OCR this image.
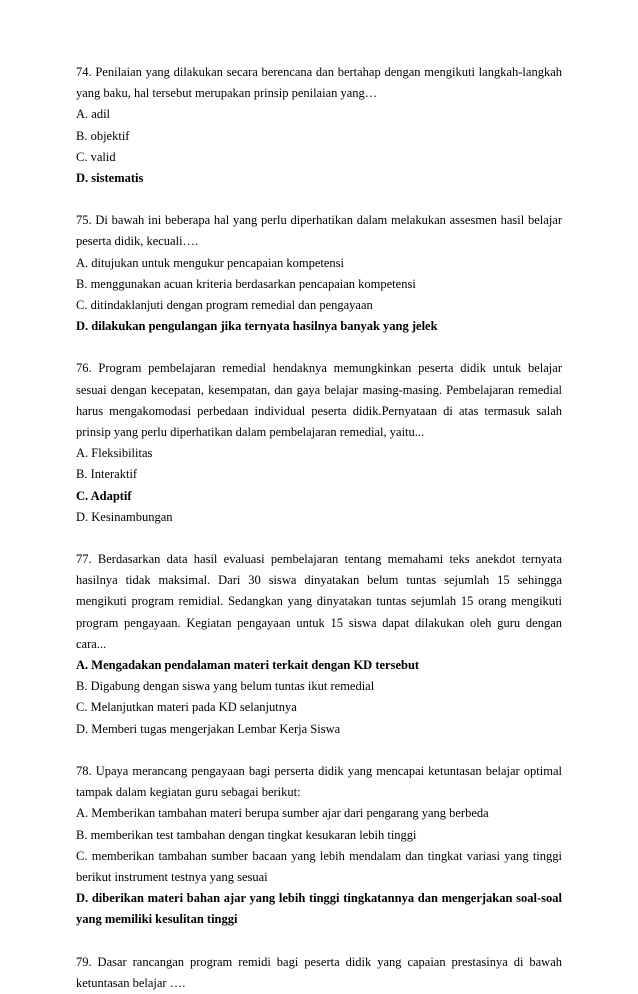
74. Penilaian yang dilakukan secara berencana dan bertahap dengan mengikuti langkah-langkah yang baku, hal tersebut merupakan prinsip penilaian yang…

A. adil

B. objektif

C. valid

D. sistematis

75. Di bawah ini beberapa hal yang perlu diperhatikan dalam melakukan assesmen hasil belajar peserta didik, kecuali….

A. ditujukan untuk mengukur pencapaian kompetensi

B. menggunakan acuan kriteria berdasarkan pencapaian kompetensi

C. ditindaklanjuti dengan program remedial dan pengayaan

D. dilakukan pengulangan jika ternyata hasilnya banyak yang jelek

76. Program pembelajaran remedial hendaknya memungkinkan peserta didik untuk belajar sesuai dengan kecepatan, kesempatan, dan gaya belajar masing-masing. Pembelajaran remedial harus mengakomodasi perbedaan individual peserta didik.Pernyataan di atas termasuk salah prinsip yang perlu diperhatikan dalam pembelajaran remedial, yaitu...

A. Fleksibilitas

B. Interaktif

C. Adaptif

D. Kesinambungan

77. Berdasarkan data hasil evaluasi pembelajaran tentang memahami teks anekdot ternyata hasilnya tidak maksimal. Dari 30 siswa dinyatakan belum tuntas sejumlah 15 sehingga mengikuti program remidial. Sedangkan yang dinyatakan tuntas sejumlah 15 orang mengikuti program pengayaan. Kegiatan pengayaan untuk 15 siswa dapat dilakukan oleh guru dengan cara...

A. Mengadakan pendalaman materi terkait dengan KD tersebut

B. Digabung dengan siswa yang belum tuntas ikut remedial

C. Melanjutkan materi pada KD selanjutnya

D. Memberi tugas mengerjakan Lembar Kerja Siswa

78. Upaya merancang pengayaan bagi perserta didik yang mencapai ketuntasan belajar optimal tampak dalam kegiatan guru sebagai berikut:

A. Memberikan tambahan materi berupa sumber ajar dari pengarang yang berbeda

B. memberikan test tambahan dengan tingkat kesukaran lebih tinggi

C. memberikan tambahan sumber bacaan yang lebih mendalam dan tingkat variasi yang tinggi berikut instrument testnya yang sesuai

D. diberikan materi bahan ajar yang lebih tinggi tingkatannya dan mengerjakan soal-soal yang memiliki kesulitan tinggi

79. Dasar rancangan program remidi bagi peserta didik yang capaian prestasinya di bawah ketuntasan belajar ….
